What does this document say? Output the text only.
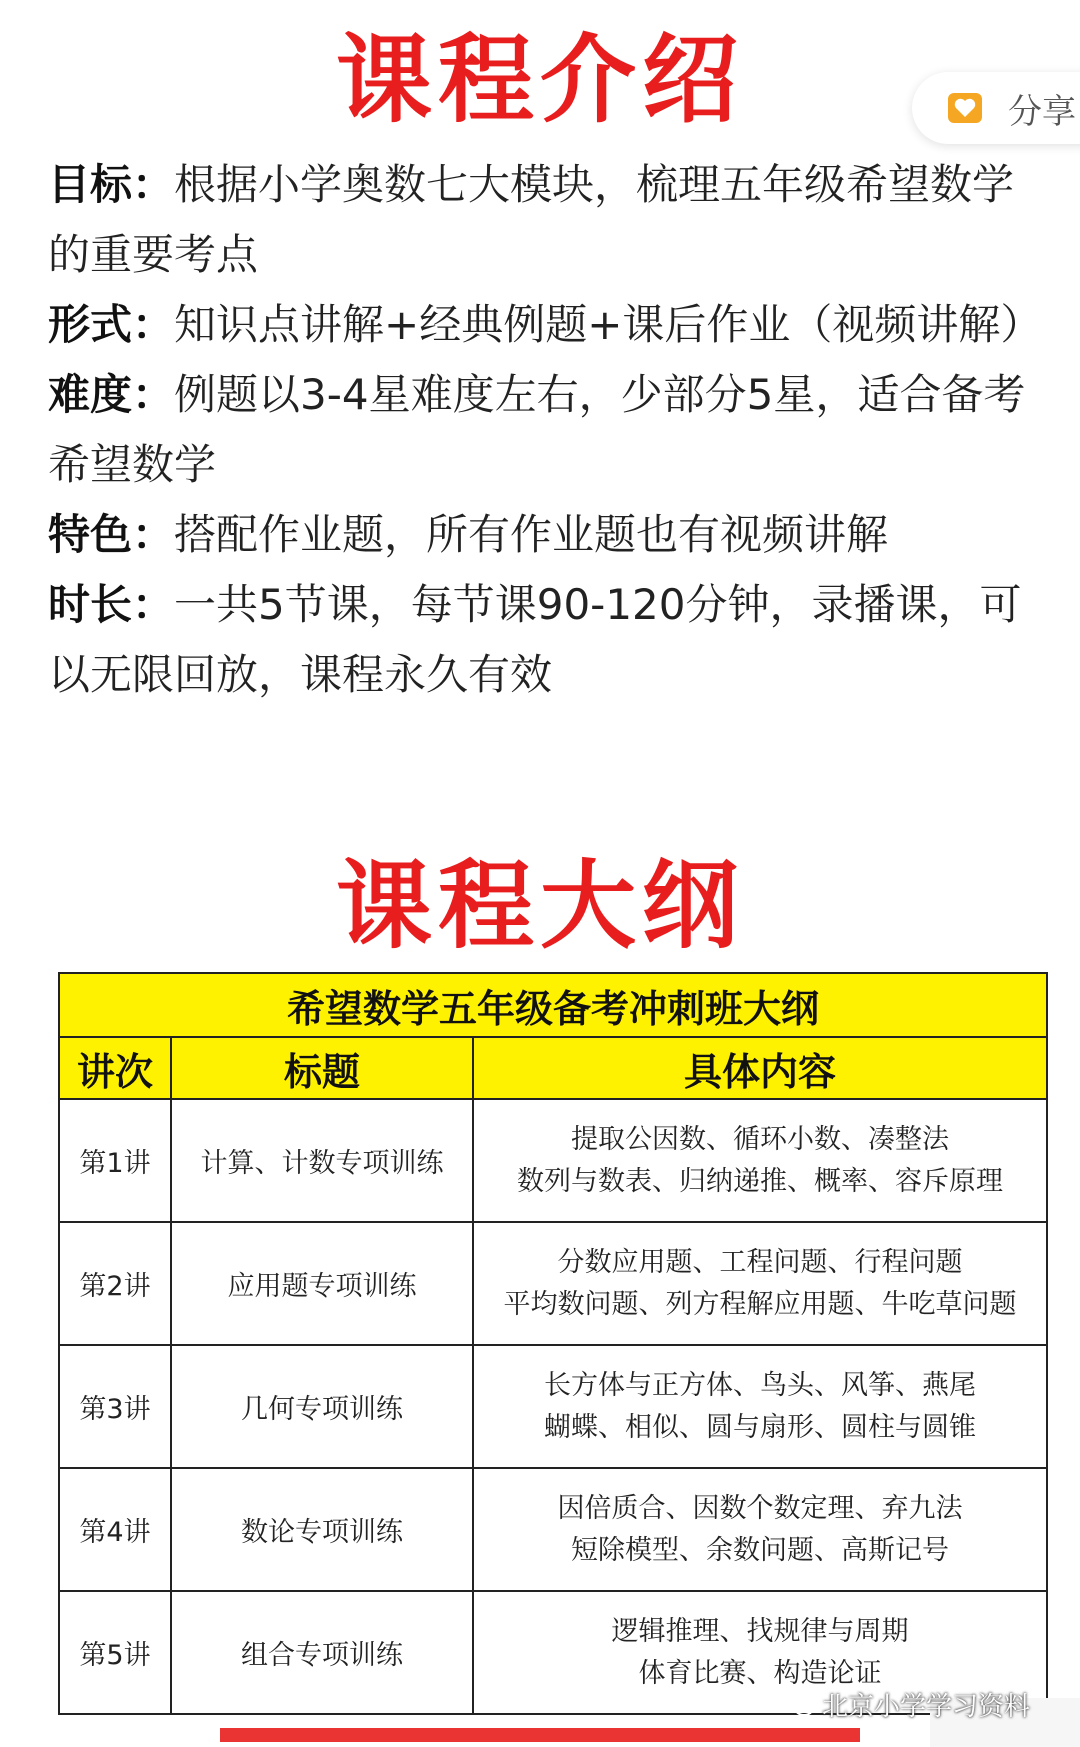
课程介绍	分享

目标：根据小学奥数七大模块，梳理五年级希望数学的重要考点

形式：知识点讲解+经典例题+课后作业（视频讲解）

难度：例题以3-4星难度左右，少部分5星，适合备考希望数学

特色：搭配作业题，所有作业题也有视频讲解

时长：一共5节课，每节课90-120分钟，录播课，可以无限回放，课程永久有效

课程大纲
希望数学五年级备考冲刺班大纲		
讲次	标题	具体内容
第1讲	计算、计数专项训练	提取公因数、循环小数、凑整法
数列与数表、归纳递推、概率、容斥原理

第2讲	应用题专项训练	分数应用题、工程问题、行程问题
平均数问题、列方程解应用题、牛吃草问题

第3讲	几何专项训练	长方体与正方体、鸟头、风筝、燕尾
蝴蝶、相似、圆与扇形、圆柱与圆锥

第4讲	数论专项训练	因倍质合、因数个数定理、弃九法
短除模型、余数问题、高斯记号

第5讲	组合专项训练	逻辑推理、找规律与周期
体育比赛、构造论证
北京小学学习资料
